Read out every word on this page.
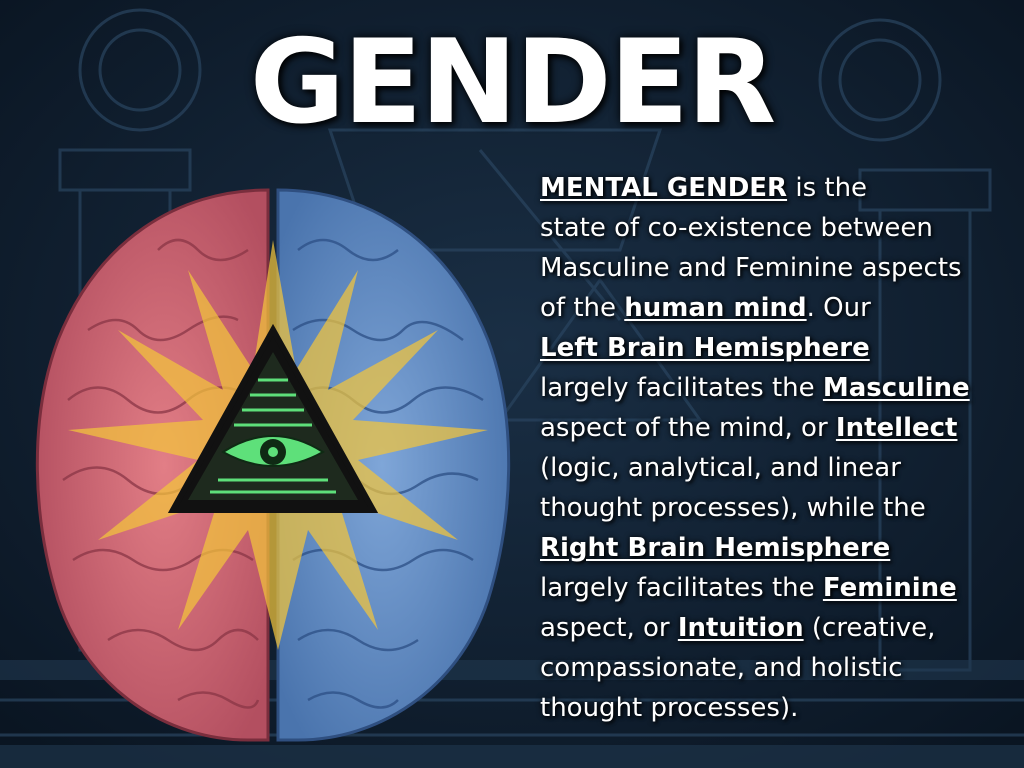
GENDER
MENTAL GENDER is the
state of co-existence between
Masculine and Feminine aspects
of the human mind. Our
Left Brain Hemisphere
largely facilitates the Masculine
aspect of the mind, or Intellect
(logic, analytical, and linear
thought processes), while the
Right Brain Hemisphere
largely facilitates the Feminine
aspect, or Intuition (creative,
compassionate, and holistic
thought processes).
